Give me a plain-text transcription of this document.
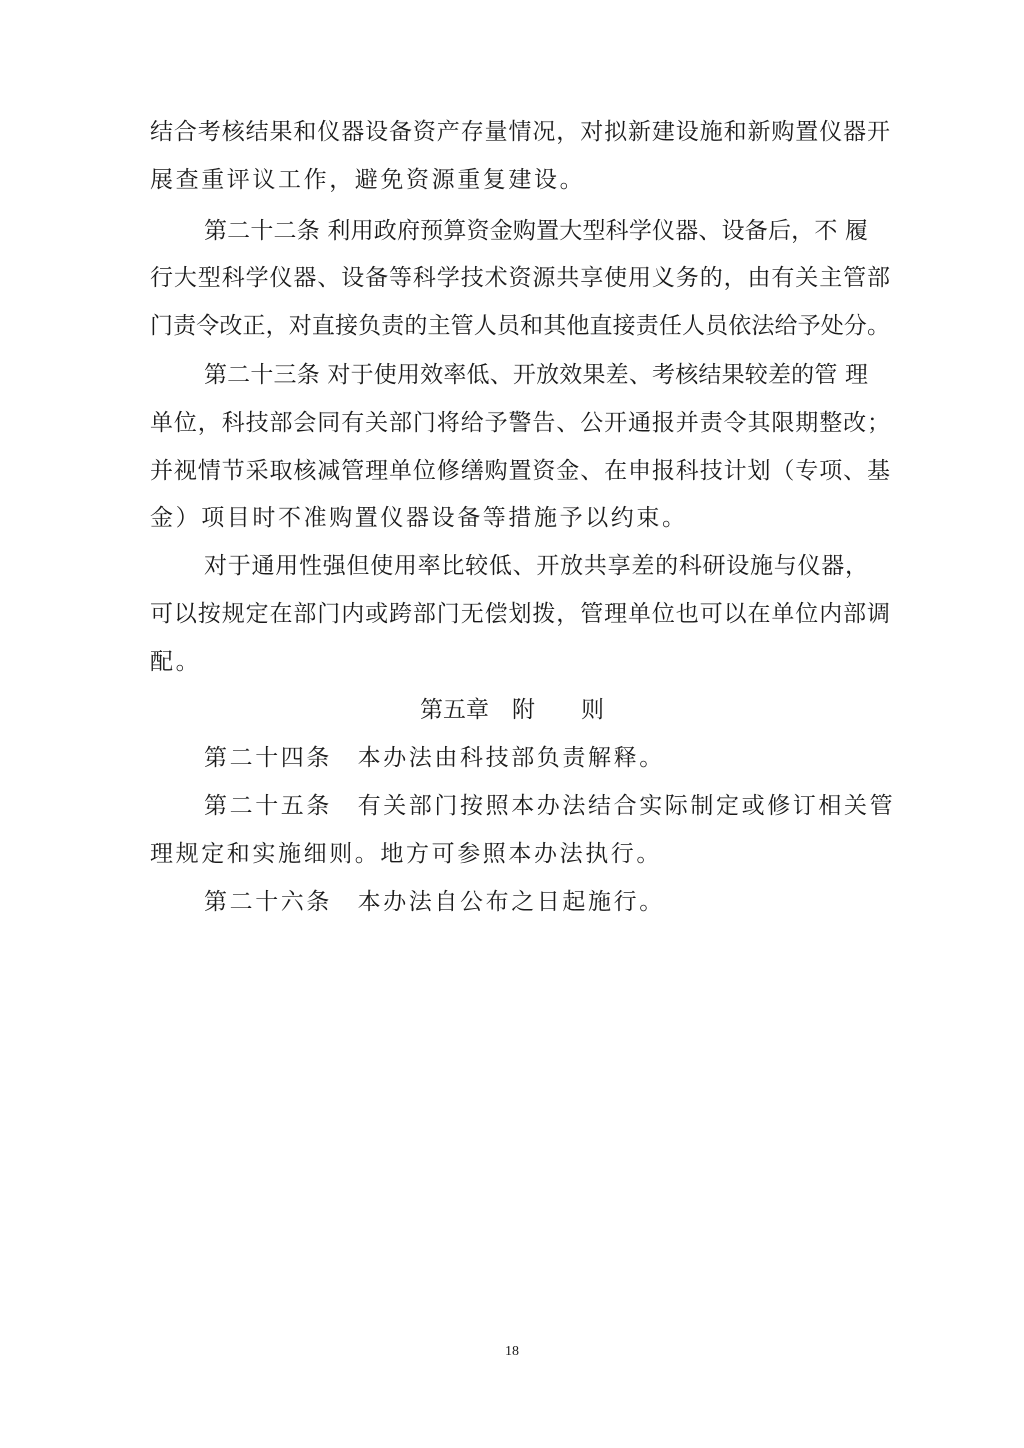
结合考核结果和仪器设备资产存量情况，对拟新建设施和新购置仪器开
展查重评议工作，避免资源重复建设。
第二十二条 利用政府预算资金购置大型科学仪器、设备后，不 履
行大型科学仪器、设备等科学技术资源共享使用义务的，由有关主管部
门责令改正，对直接负责的主管人员和其他直接责任人员依法给予处分。
第二十三条 对于使用效率低、开放效果差、考核结果较差的管 理
单位，科技部会同有关部门将给予警告、公开通报并责令其限期整改；
并视情节采取核减管理单位修缮购置资金、在申报科技计划（专项、基
金）项目时不准购置仪器设备等措施予以约束。
对于通用性强但使用率比较低、开放共享差的科研设施与仪器，
可以按规定在部门内或跨部门无偿划拨，管理单位也可以在单位内部调
配。
第五章　附　　则
第二十四条　本办法由科技部负责解释。
第二十五条　有关部门按照本办法结合实际制定或修订相关管
理规定和实施细则。地方可参照本办法执行。
第二十六条　本办法自公布之日起施行。
18
